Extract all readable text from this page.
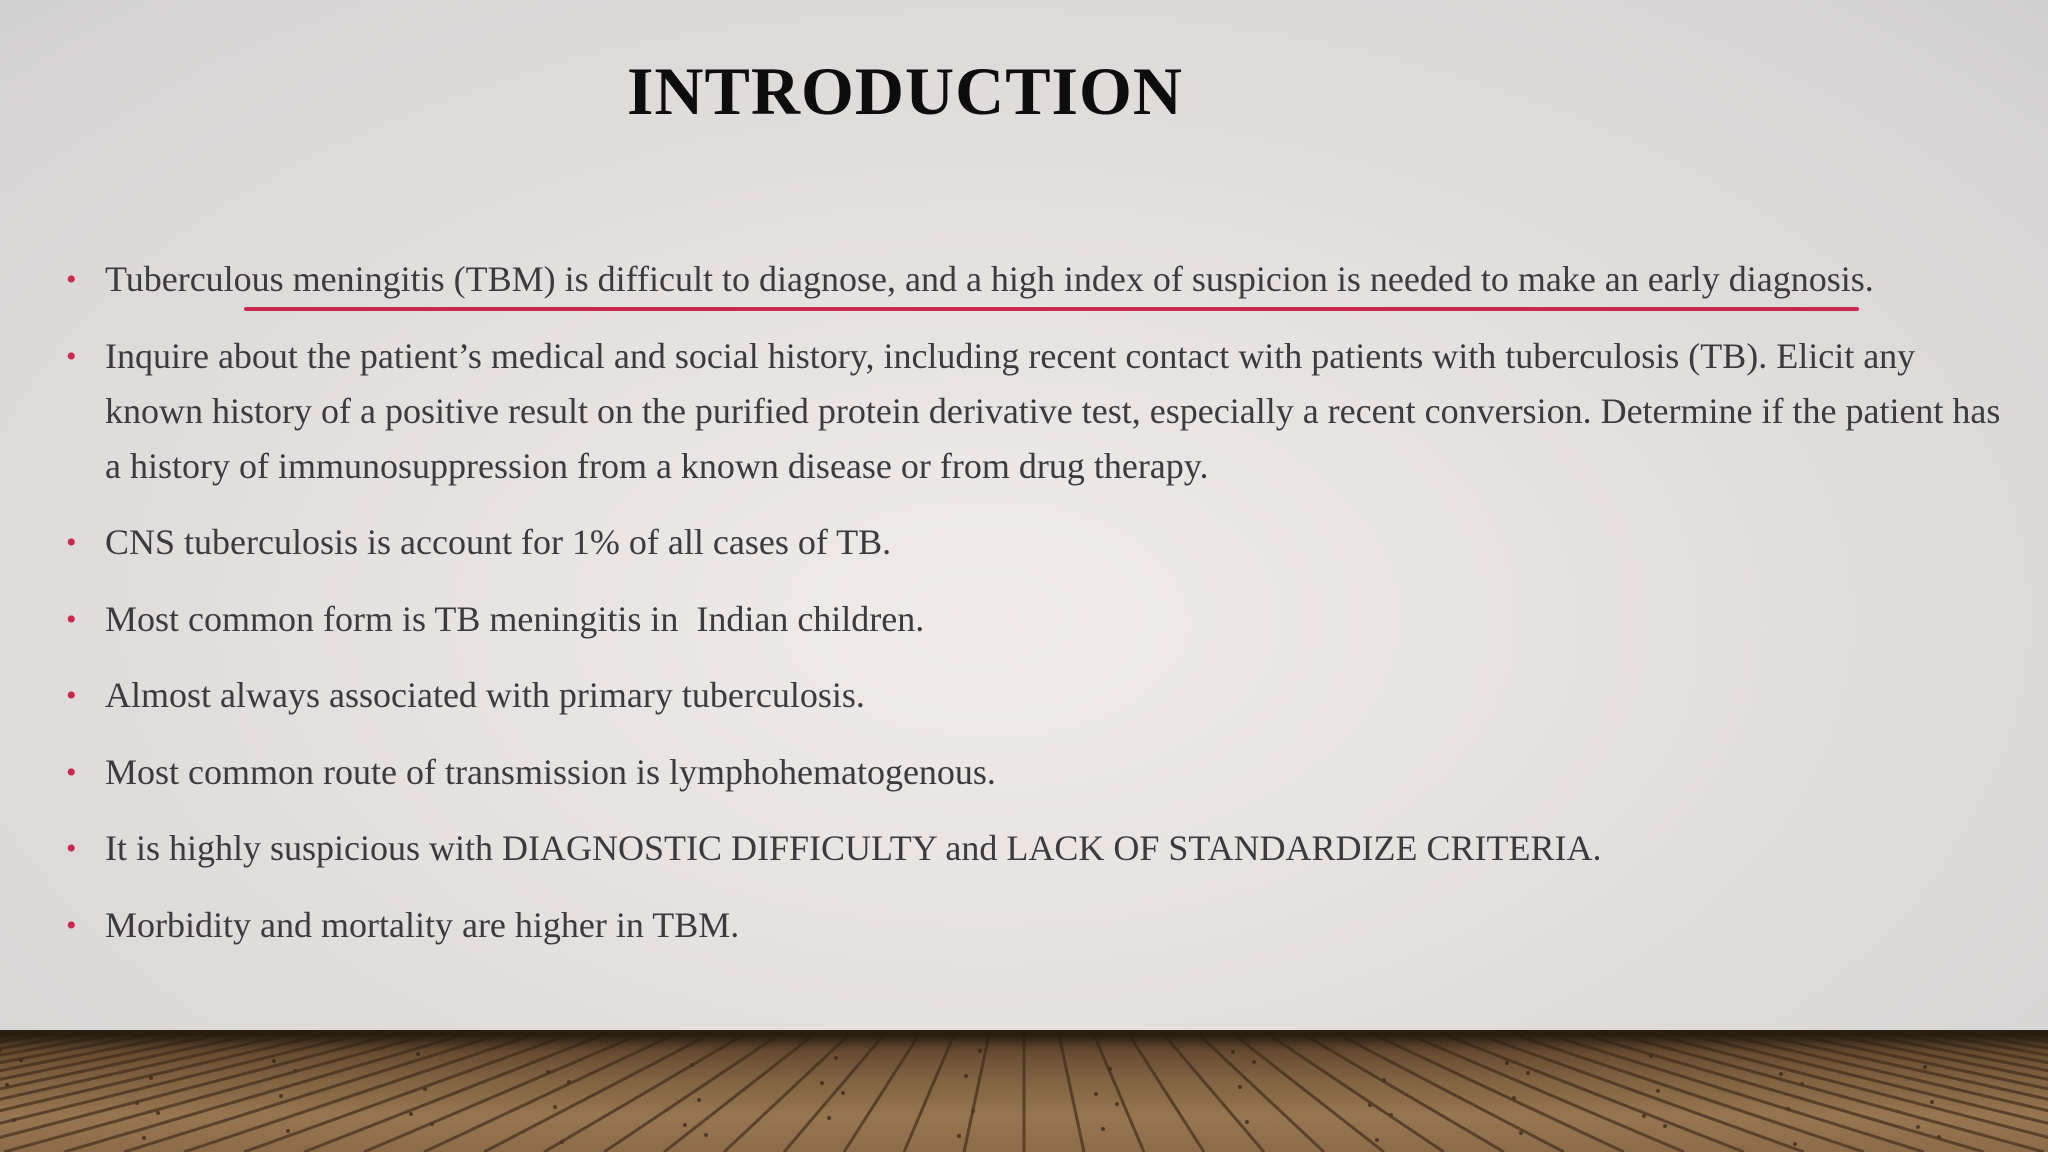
INTRODUCTION
• Tuberculous meningitis (TBM) is difficult to diagnose, and a high index of suspicion is needed to make an early diagnosis.
• Inquire about the patient’s medical and social history, including recent contact with patients with tuberculosis (TB). Elicit any known history of a positive result on the purified protein derivative test, especially a recent conversion. Determine if the patient has a history of immunosuppression from a known disease or from drug therapy.
• CNS tuberculosis is account for 1% of all cases of TB.
• Most common form is TB meningitis in  Indian children.
• Almost always associated with primary tuberculosis.
• Most common route of transmission is lymphohematogenous.
• It is highly suspicious with DIAGNOSTIC DIFFICULTY and LACK OF STANDARDIZE CRITERIA.
• Morbidity and mortality are higher in TBM.
